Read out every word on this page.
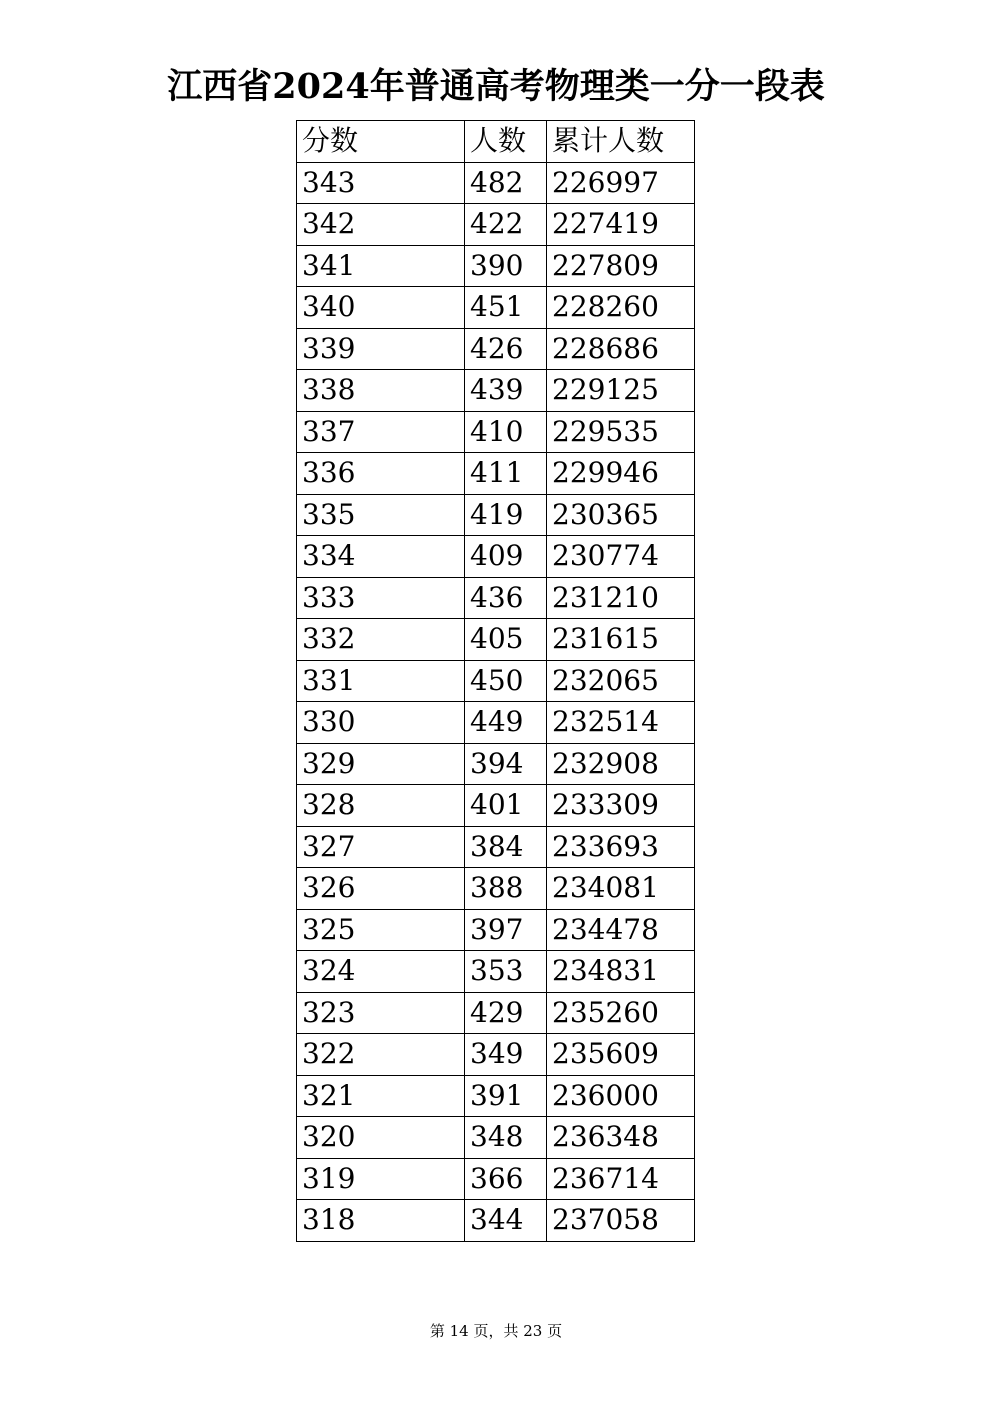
江西省2024年普通高考物理类一分一段表
分数	人数	累计人数
343	482	226997
342	422	227419
341	390	227809
340	451	228260
339	426	228686
338	439	229125
337	410	229535
336	411	229946
335	419	230365
334	409	230774
333	436	231210
332	405	231615
331	450	232065
330	449	232514
329	394	232908
328	401	233309
327	384	233693
326	388	234081
325	397	234478
324	353	234831
323	429	235260
322	349	235609
321	391	236000
320	348	236348
319	366	236714
318	344	237058
第 14 页，共 23 页
